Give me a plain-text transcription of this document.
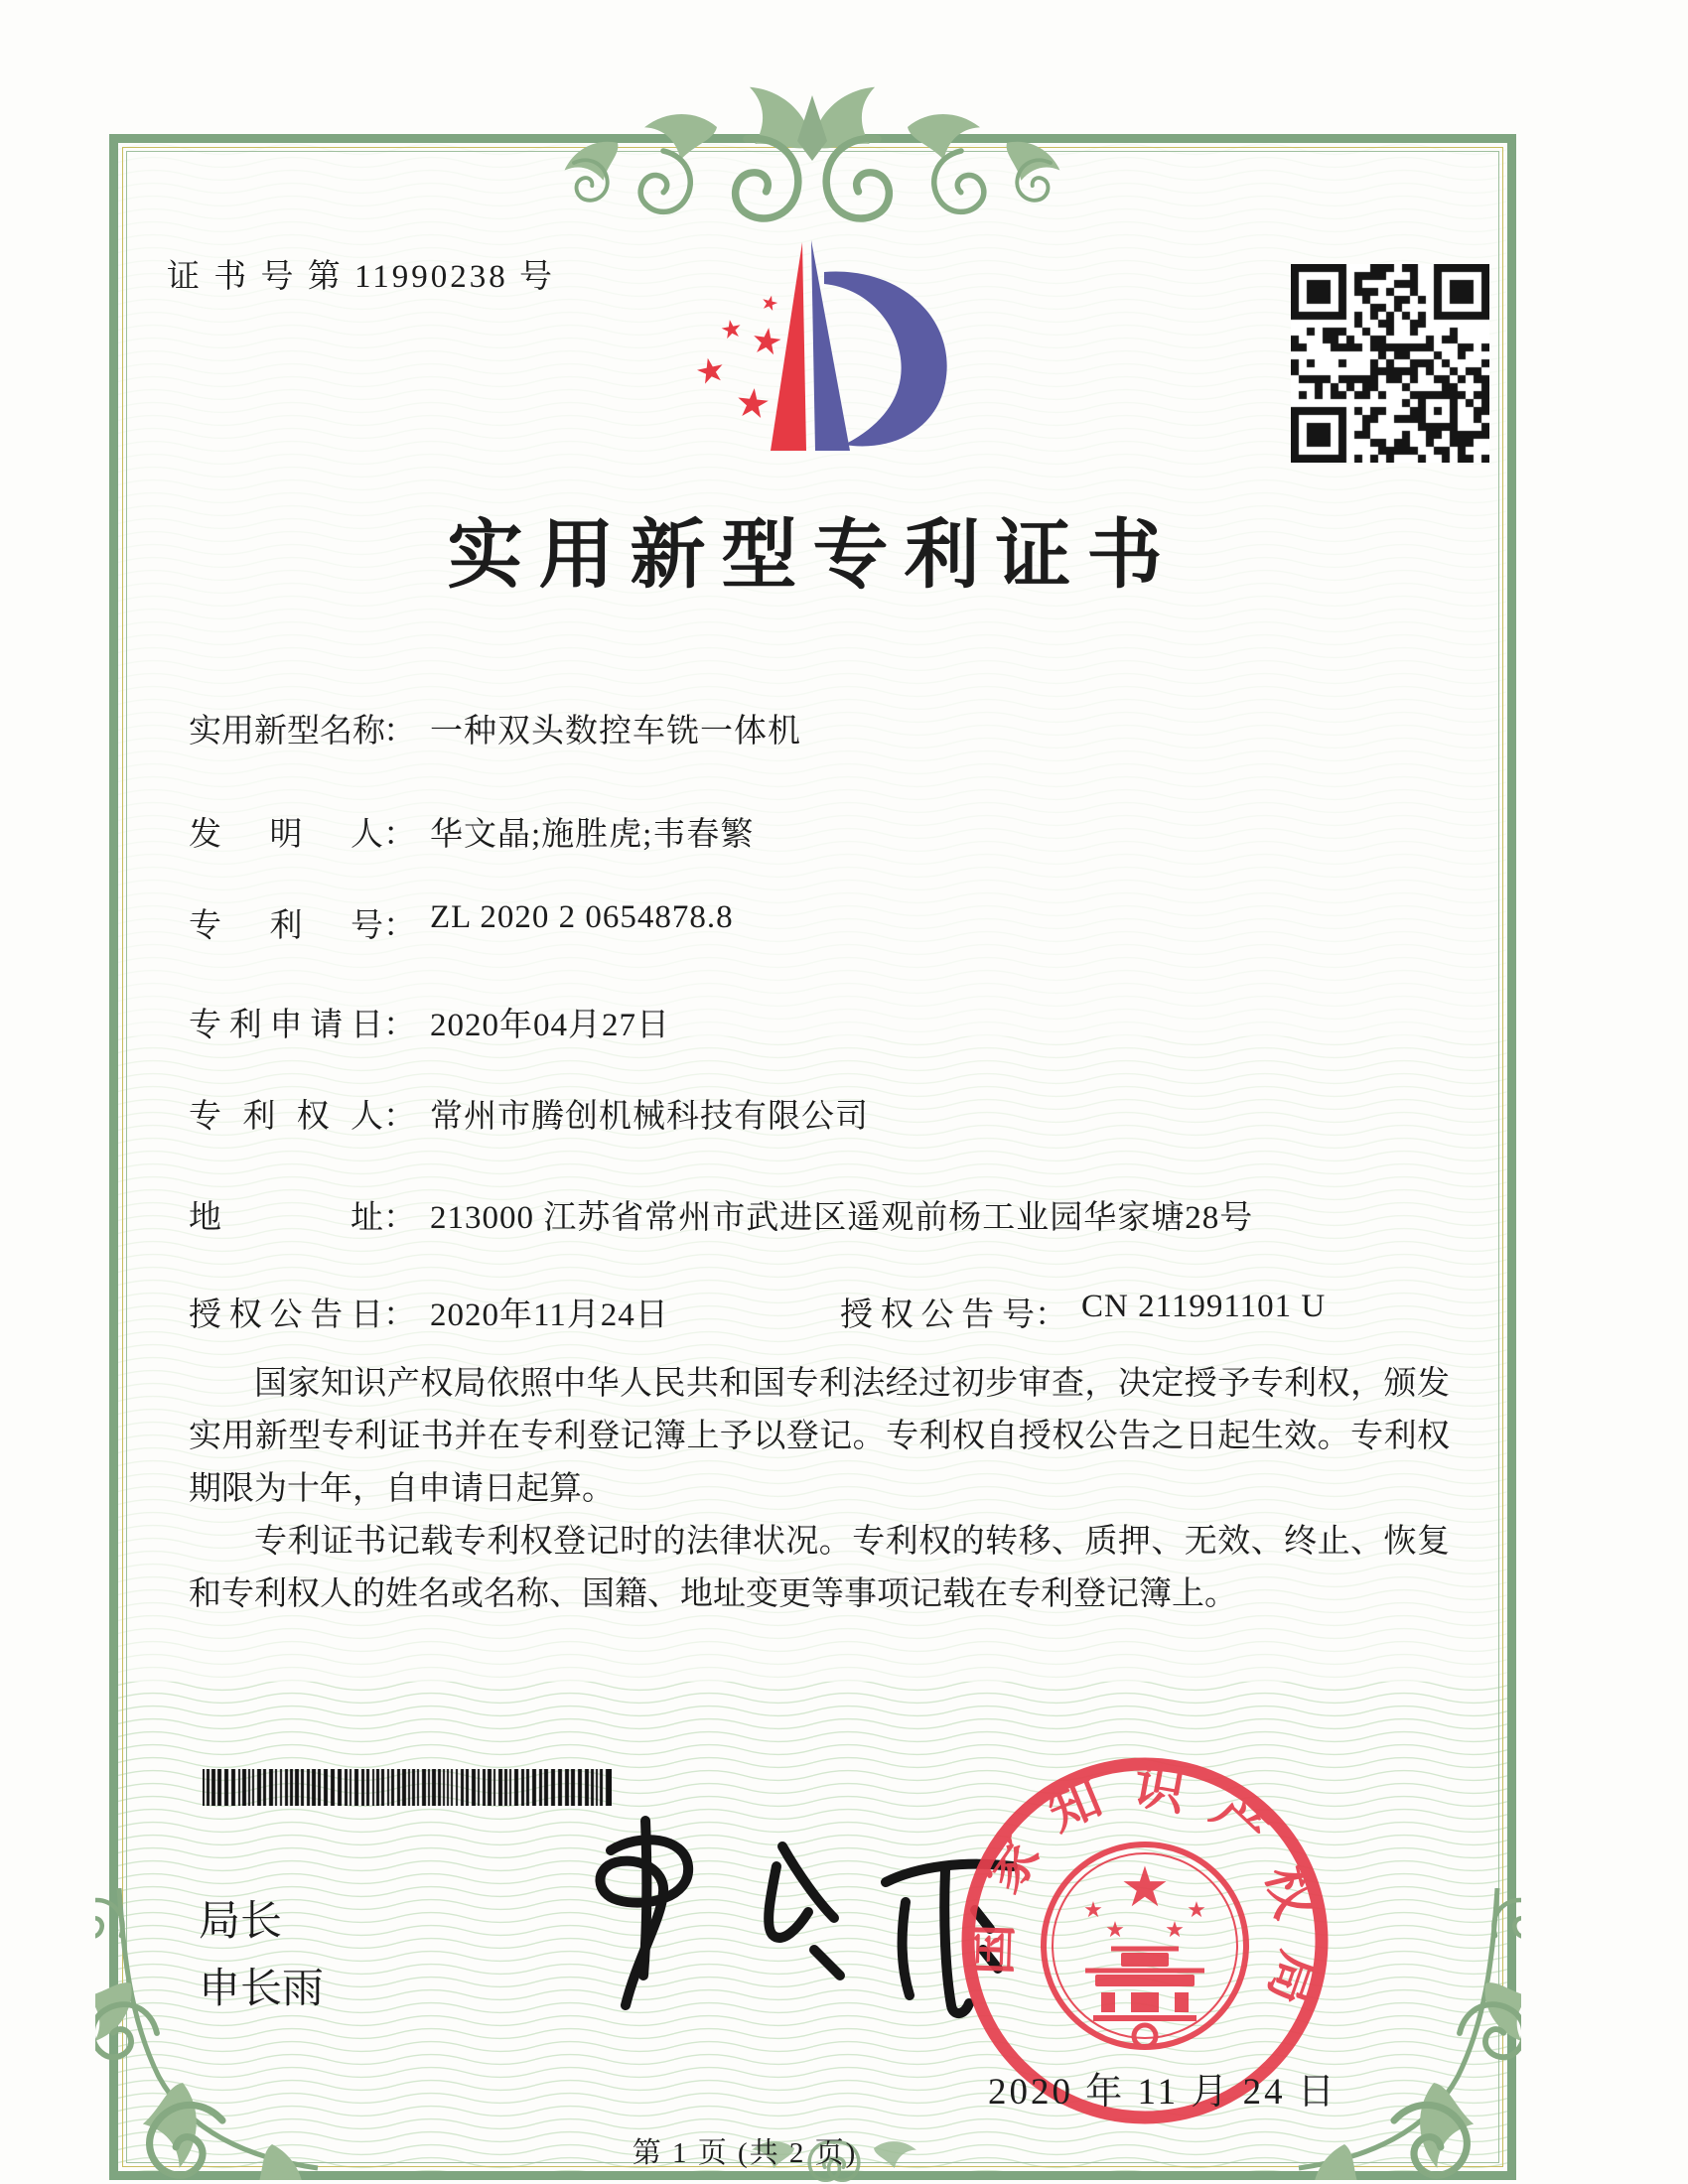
证 书 号 第 11990238 号
★
★ ★
★
★
实用新型专利证书
实用新型名称： 一种双头数控车铣一体机
发明人： 华文晶;施胜虎;韦春繁
专利号： ZL 2020 2 0654878.8
专利申请日： 2020年04月27日
专利权人： 常州市腾创机械科技有限公司
地址： 213000 江苏省常州市武进区遥观前杨工业园华家塘28号
授权公告日： 2020年11月24日	授权公告号： CN 211991101 U

国家知识产权局依照中华人民共和国专利法经过初步审查，决定授予专利权，颁发实用新型专利证书并在专利登记簿上予以登记。专利权自授权公告之日起生效。专利权期限为十年，自申请日起算。

专利证书记载专利权登记时的法律状况。专利权的转移、质押、无效、终止、恢复和专利权人的姓名或名称、国籍、地址变更等事项记载在专利登记簿上。

局长
申长雨
国家知识产权局
★
★
★
★
★
2020 年 11 月 24 日
第 1 页 (共 2 页)
